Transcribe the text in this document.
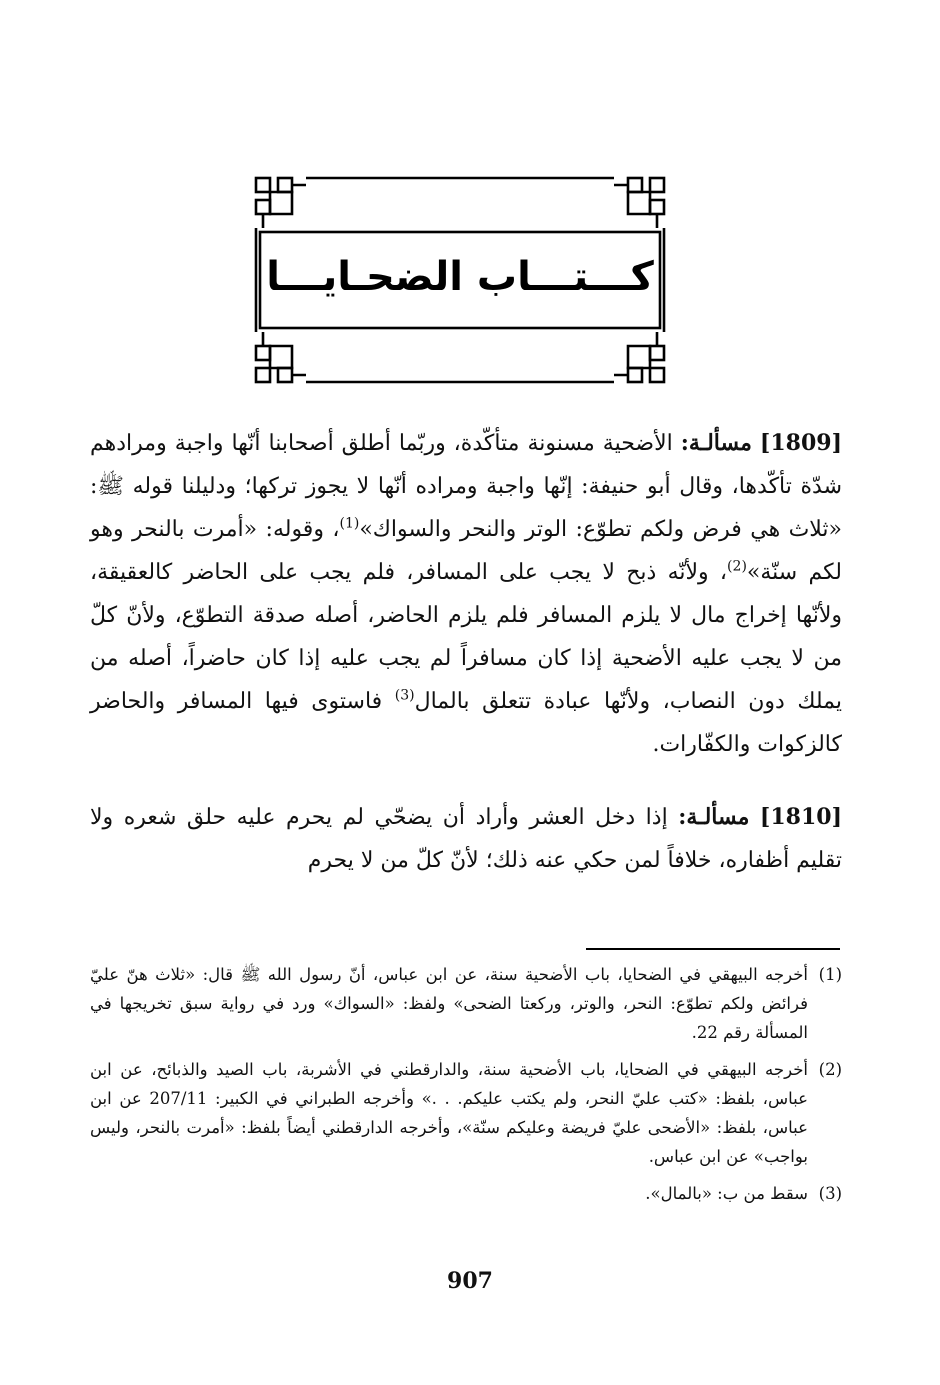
كـــتـــاب الضحـايـــا

[1809] مسألـة: الأضحية مسنونة متأكّدة، وربّما أطلق أصحابنا أنّها واجبة ومرادهم شدّة تأكّدها، وقال أبو حنيفة: إنّها واجبة ومراده أنّها لا يجوز تركها؛ ودليلنا قوله ﷺ: «ثلاث هي فرض ولكم تطوّع: الوتر والنحر والسواك»$^{(1)}$، وقوله: «أمرت بالنحر وهو لكم سنّة»$^{(2)}$، ولأنّه ذبح لا يجب على المسافر، فلم يجب على الحاضر كالعقيقة، ولأنّها إخراج مال لا يلزم المسافر فلم يلزم الحاضر، أصله صدقة التطوّع، ولأنّ كلّ من لا يجب عليه الأضحية إذا كان مسافراً لم يجب عليه إذا كان حاضراً، أصله من يملك دون النصاب، ولأنّها عبادة تتعلق بالمال$^{(3)}$ فاستوى فيها المسافر والحاضر كالزكوات والكفّارات.

[1810] مسألـة: إذا دخل العشر وأراد أن يضحّي لم يحرم عليه حلق شعره ولا تقليم أظفاره، خلافاً لمن حكي عنه ذلك؛ لأنّ كلّ من لا يحرم

(1)
أخرجه البيهقي في الضحايا، باب الأضحية سنة، عن ابن عباس، أنّ رسول الله ﷺ قال: «ثلاث هنّ عليّ فرائض ولكم تطوّع: النحر، والوتر، وركعتا الضحى» ولفظ: «السواك» ورد في رواية سبق تخريجها في المسألة رقم 22.
(2)
أخرجه البيهقي في الضحايا، باب الأضحية سنة، والدارقطني في الأشربة، باب الصيد والذبائح، عن ابن عباس، بلفظ: «كتب عليّ النحر، ولم يكتب عليكم. . .» وأخرجه الطبراني في الكبير: 207/11 عن ابن عباس، بلفظ: «الأضحى عليّ فريضة وعليكم سنّة»، وأخرجه الدارقطني أيضاً بلفظ: «أمرت بالنحر، وليس بواجب» عن ابن عباس.
(3)
سقط من ب: «بالمال».
907
